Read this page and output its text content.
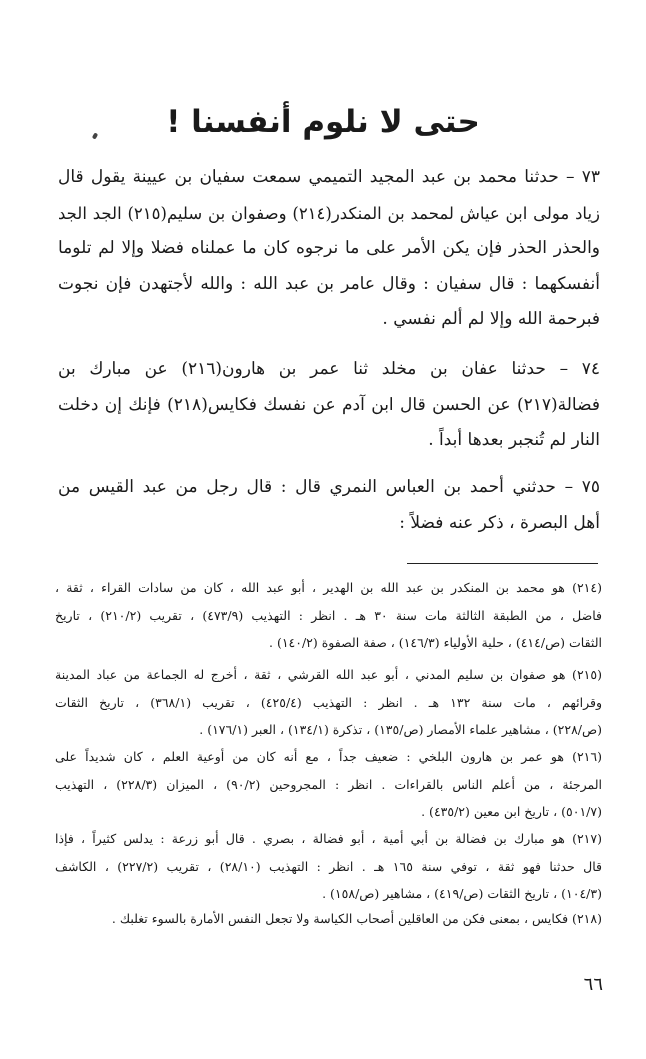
حتى لا نلوم أنفسنا !
٧٣ – حدثنا محمد بن عبد المجيد التميمي سمعت سفيان بن عيينة يقول قال
زياد مولى ابن عياش لمحمد بن المنكدر(٢١٤) وصفوان بن سليم(٢١٥) الجد الجد
والحذر الحذر فإن يكن الأمر على ما نرجوه كان ما عملناه فضلا وإلا لم تلوما
أنفسكهما : قال سفيان : وقال عامر بن عبد الله : والله لأجتهدن فإن نجوت
فبرحمة الله وإلا لم ألم نفسي .
٧٤ – حدثنا عفان بن مخلد ثنا عمر بن هارون(٢١٦) عن مبارك بن
فضالة(٢١٧) عن الحسن قال ابن آدم عن نفسك فكايس(٢١٨) فإنك إن دخلت
النار لم تُنجبر بعدها أبداً .
٧٥ – حدثني أحمد بن العباس النمري قال : قال رجل من عبد القيس من
أهل البصرة ، ذكر عنه فضلاً :
(٢١٤) هو محمد بن المنكدر بن عبد الله بن الهدير ، أبو عبد الله ، كان من سادات القراء ، ثقة ،
فاضل ، من الطبقة الثالثة مات سنة ٣٠ هـ . انظر : التهذيب (٤٧٣/٩) ، تقريب (٢١٠/٢) ، تاريخ
الثقات (ص/٤١٤) ، حلية الأولياء (١٤٦/٣) ، صفة الصفوة (١٤٠/٢) .
(٢١٥) هو صفوان بن سليم المدني ، أبو عبد الله القرشي ، ثقة ، أخرج له الجماعة من عباد المدينة
وقرائهم ، مات سنة ١٣٢ هـ . انظر : التهذيب (٤٢٥/٤) ، تقريب (٣٦٨/١) ، تاريخ الثقات
(ص/٢٢٨) ، مشاهير علماء الأمصار (ص/١٣٥) ، تذكرة (١٣٤/١) ، العبر (١٧٦/١) .
(٢١٦) هو عمر بن هارون البلخي : ضعيف جداً ، مع أنه كان من أوعية العلم ، كان شديداً على
المرجئة ، من أعلم الناس بالقراءات . انظر : المجروحين (٩٠/٢) ، الميزان (٢٢٨/٣) ، التهذيب
(٥٠١/٧) ، تاريخ ابن معين (٤٣٥/٢) .
(٢١٧) هو مبارك بن فضالة بن أبي أمية ، أبو فضالة ، بصري . قال أبو زرعة : يدلس كثيراً ، فإذا
قال حدثنا فهو ثقة ، توفي سنة ١٦٥ هـ . انظر : التهذيب (٢٨/١٠) ، تقريب (٢٢٧/٢) ، الكاشف
(١٠٤/٣) ، تاريخ الثقات (ص/٤١٩) ، مشاهير (ص/١٥٨) .
(٢١٨) فكايس ، بمعنى فكن من العاقلين أصحاب الكياسة ولا تجعل النفس الأمارة بالسوء تغلبك .
٦٦
